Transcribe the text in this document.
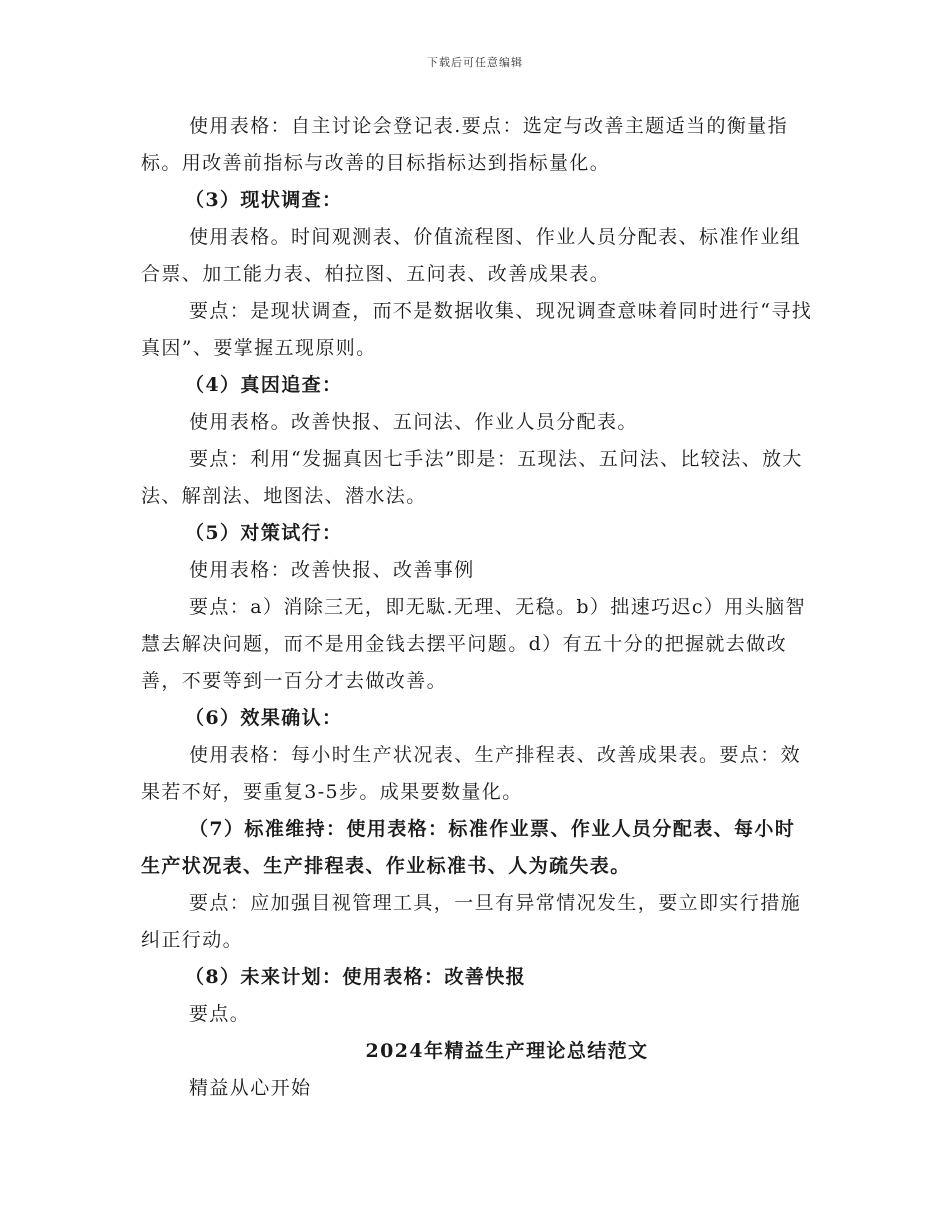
下载后可任意编辑

使用表格：自主讨论会登记表.要点：选定与改善主题适当的衡量指标。用改善前指标与改善的目标指标达到指标量化。

（3）现状调查：

使用表格。时间观测表、价值流程图、作业人员分配表、标准作业组合票、加工能力表、柏拉图、五问表、改善成果表。

要点：是现状调查，而不是数据收集、现况调查意味着同时进行“寻找真因”、要掌握五现原则。

（4）真因追查：

使用表格。改善快报、五问法、作业人员分配表。

要点：利用“发掘真因七手法”即是：五现法、五问法、比较法、放大法、解剖法、地图法、潜水法。

（5）对策试行：

使用表格：改善快报、改善事例

要点：a）消除三无，即无駄.无理、无稳。b）拙速巧迟c）用头脑智慧去解决问题，而不是用金钱去摆平问题。d）有五十分的把握就去做改善，不要等到一百分才去做改善。

（6）效果确认：

使用表格：每小时生产状况表、生产排程表、改善成果表。要点：效果若不好，要重复3-5步。成果要数量化。

（7）标准维持：使用表格：标准作业票、作业人员分配表、每小时生产状况表、生产排程表、作业标准书、人为疏失表。

要点：应加强目视管理工具，一旦有异常情况发生，要立即实行措施纠正行动。

（8）未来计划：使用表格：改善快报

要点。

2024年精益生产理论总结范文

精益从心开始
